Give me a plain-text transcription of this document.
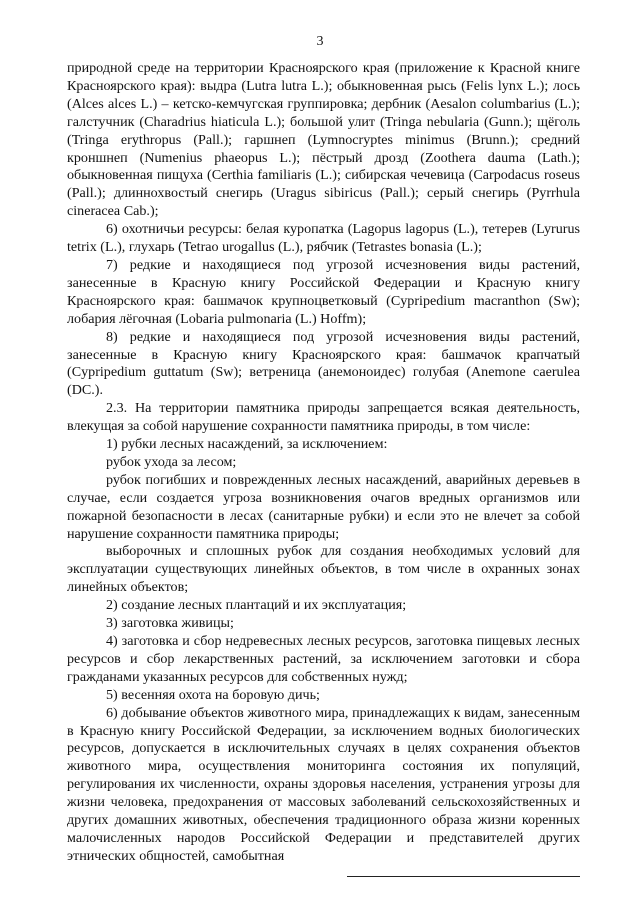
3

природной среде на территории Красноярского края (приложение к Красной книге Красноярского края): выдра (Lutra lutra L.); обыкновенная рысь (Felis lynx L.); лось (Alces alces L.) – кетско-кемчугская группировка; дербник (Aesalon columbarius (L.); галстучник (Charadrius hiaticula L.); большой улит (Tringa nebularia (Gunn.); щёголь (Tringa erythropus (Pall.); гаршнеп (Lymnocryptes minimus (Brunn.); средний кроншнеп (Numenius phaeopus L.); пёстрый дрозд (Zoothera dauma (Lath.); обыкновенная пищуха (Certhia familiaris (L.); сибирская чечевица (Carpodacus roseus (Pall.); длиннохвостый снегирь (Uragus sibiricus (Pall.); серый снегирь (Pyrrhula cineracea Cab.);

6) охотничьи ресурсы: белая куропатка (Lagopus lagopus (L.), тетерев (Lyrurus tetrix (L.), глухарь (Tetrao urogallus (L.), рябчик (Tetrastes bonasia (L.);

7) редкие и находящиеся под угрозой исчезновения виды растений, занесенные в Красную книгу Российской Федерации и Красную книгу Красноярского края: башмачок крупноцветковый (Cypripedium macranthon (Sw); лобария лёгочная (Lobaria pulmonaria (L.) Hoffm);

8) редкие и находящиеся под угрозой исчезновения виды растений, занесенные в Красную книгу Красноярского края: башмачок крапчатый (Cypripedium guttatum (Sw); ветреница (анемоноидес) голубая (Anemone caerulea (DC.).

2.3. На территории памятника природы запрещается всякая деятельность, влекущая за собой нарушение сохранности памятника природы, в том числе:

1) рубки лесных насаждений, за исключением:

рубок ухода за лесом;

рубок погибших и поврежденных лесных насаждений, аварийных деревьев в случае, если создается угроза возникновения очагов вредных организмов или пожарной безопасности в лесах (санитарные рубки) и если это не влечет за собой нарушение сохранности памятника природы;

выборочных и сплошных рубок для создания необходимых условий для эксплуатации существующих линейных объектов, в том числе в охранных зонах линейных объектов;

2) создание лесных плантаций и их эксплуатация;

3) заготовка живицы;

4) заготовка и сбор недревесных лесных ресурсов, заготовка пищевых лесных ресурсов и сбор лекарственных растений, за исключением заготовки и сбора гражданами указанных ресурсов для собственных нужд;

5) весенняя охота на боровую дичь;

6) добывание объектов животного мира, принадлежащих к видам, занесенным в Красную книгу Российской Федерации, за исключением водных биологических ресурсов, допускается в исключительных случаях в целях сохранения объектов животного мира, осуществления мониторинга состояния их популяций, регулирования их численности, охраны здоровья населения, устранения угрозы для жизни человека, предохранения от массовых заболеваний сельскохозяйственных и других домашних животных, обеспечения традиционного образа жизни коренных малочисленных народов Российской Федерации и представителей других этнических общностей, самобытная
